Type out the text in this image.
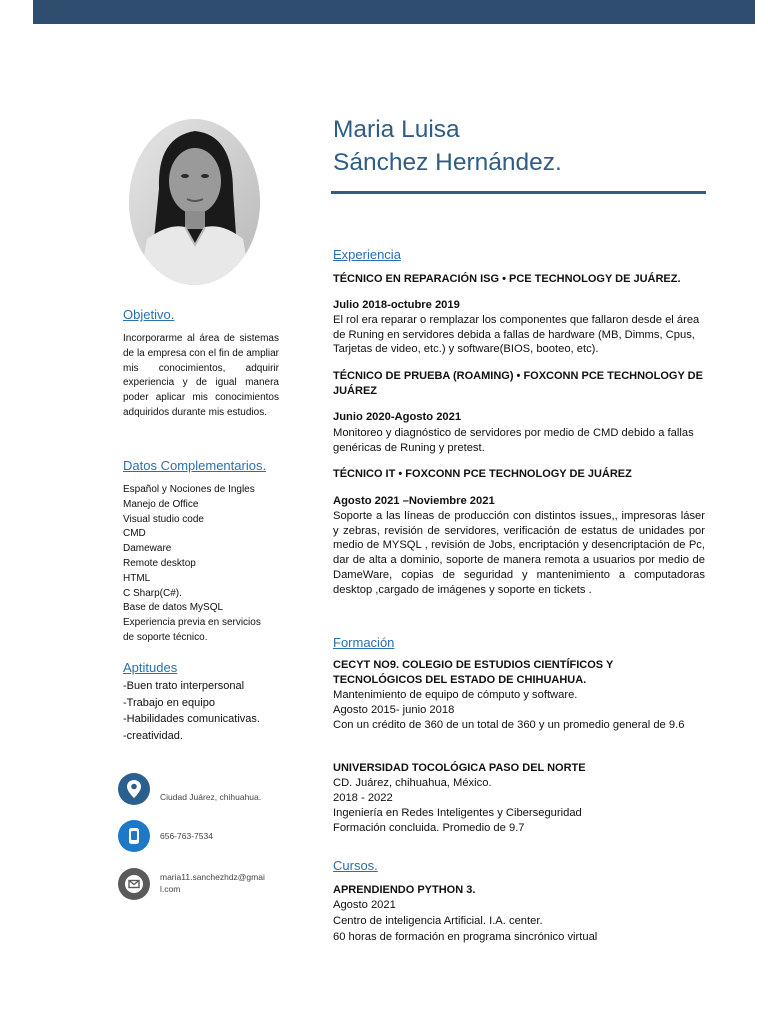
Objetivo.
Incorporarme al área de sistemas de la empresa con el fin de ampliar mis conocimientos, adquirir experiencia y de igual manera poder aplicar mis conocimientos adquiridos durante mis estudios.
Datos Complementarios.
Español y Nociones de Ingles
Manejo de Office
Visual studio code
CMD
Dameware
Remote desktop
HTML
C Sharp(C#).
Base de datos MySQL
Experiencia previa en servicios
de soporte técnico.
Aptitudes
-Buen trato interpersonal
-Trabajo en equipo
-Habilidades comunicativas.
-creatividad.
Ciudad Juárez, chihuahua.
656-763-7534
maria11.sanchezhdz@gmai
l.com
Maria Luisa
Sánchez Hernández.
Experiencia
TÉCNICO EN REPARACIÓN ISG • PCE TECHNOLOGY DE JUÁREZ.
Julio 2018-octubre 2019
El rol era reparar o remplazar los componentes que fallaron desde el área de Runing en servidores debida a fallas de hardware (MB, Dimms, Cpus, Tarjetas de video, etc.) y software(BIOS, booteo, etc).
TÉCNICO DE PRUEBA (ROAMING) • FOXCONN PCE TECHNOLOGY DE JUÁREZ
Junio 2020-Agosto 2021
Monitoreo y diagnóstico de servidores por medio de CMD debido a fallas genéricas de Runing y pretest.
TÉCNICO IT • FOXCONN PCE TECHNOLOGY DE JUÁREZ
Agosto 2021 –Noviembre 2021
Soporte a las líneas de producción con distintos issues,, impresoras láser y zebras, revisión de servidores, verificación de estatus de unidades por medio de MYSQL , revisión de Jobs, encriptación y desencriptación de Pc, dar de alta a dominio, soporte de manera remota a usuarios por medio de DameWare, copias de seguridad y mantenimiento a computadoras desktop ,cargado de imágenes y soporte en tickets .
Formación
CECYT NO9. COLEGIO DE ESTUDIOS CIENTÍFICOS Y TECNOLÓGICOS DEL ESTADO DE CHIHUAHUA.
Mantenimiento de equipo de cómputo y software.
Agosto 2015- junio 2018
Con un crédito de 360 de un total de 360 y un promedio general de 9.6
UNIVERSIDAD TOCOLÓGICA PASO DEL NORTE
CD. Juárez, chihuahua, México.
2018 - 2022
Ingeniería en Redes Inteligentes y Ciberseguridad
Formación concluida. Promedio de 9.7
Cursos.
APRENDIENDO PYTHON 3.
Agosto 2021
Centro de inteligencia Artificial. I.A. center.
60 horas de formación en programa sincrónico virtual
